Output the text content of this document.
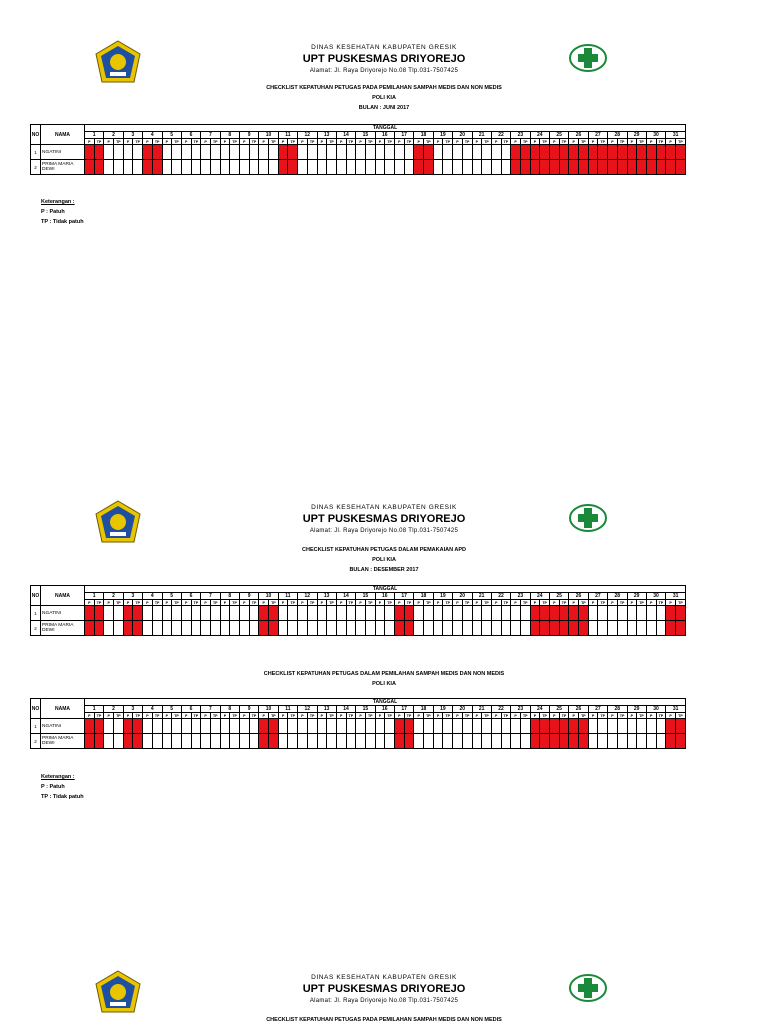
DINAS KESEHATAN KABUPATEN GRESIK
UPT PUSKESMAS DRIYOREJO
Alamat: Jl. Raya Driyorejo No.08 Tlp.031-7507425
CHECKLIST KEPATUHAN PETUGAS PADA PEMILAHAN SAMPAH MEDIS DAN NON MEDIS
POLI KIA
BULAN : JUNI 2017
NO	NAMA	TANGGAL																																																													
		1		2		3		4		5		6		7		8		9		10		11		12		13		14		15		16		17		18		19		20		21		22		23		24		25		26		27		28		29		30		31	
		P	TP	P	TP	P	TP	P	TP	P	TP	P	TP	P	TP	P	TP	P	TP	P	TP	P	TP	P	TP	P	TP	P	TP	P	TP	P	TP	P	TP	P	TP	P	TP	P	TP	P	TP	P	TP	P	TP	P	TP	P	TP	P	TP	P	TP	P	TP	P	TP	P	TP	P	TP
1	NGATINI																																																														
2	PRIMA MARIA DEWI																																																														
Keterangan :
P : Patuh
TP : Tidak patuh
DINAS KESEHATAN KABUPATEN GRESIK
UPT PUSKESMAS DRIYOREJO
Alamat: Jl. Raya Driyorejo No.08 Tlp.031-7507425
CHECKLIST KEPATUHAN PETUGAS DALAM PEMAKAIAN APD
POLI KIA
BULAN : DESEMBER 2017
NO	NAMA	TANGGAL																																																													
		1		2		3		4		5		6		7		8		9		10		11		12		13		14		15		16		17		18		19		20		21		22		23		24		25		26		27		28		29		30		31	
		P	TP	P	TP	P	TP	P	TP	P	TP	P	TP	P	TP	P	TP	P	TP	P	TP	P	TP	P	TP	P	TP	P	TP	P	TP	P	TP	P	TP	P	TP	P	TP	P	TP	P	TP	P	TP	P	TP	P	TP	P	TP	P	TP	P	TP	P	TP	P	TP	P	TP	P	TP
1	NGATINI																																																														
2	PRIMA MARIA DEWI																																																														
CHECKLIST KEPATUHAN PETUGAS DALAM PEMILAHAN SAMPAH MEDIS DAN NON MEDIS
POLI KIA
NO	NAMA	TANGGAL																																																													
		1		2		3		4		5		6		7		8		9		10		11		12		13		14		15		16		17		18		19		20		21		22		23		24		25		26		27		28		29		30		31	
		P	TP	P	TP	P	TP	P	TP	P	TP	P	TP	P	TP	P	TP	P	TP	P	TP	P	TP	P	TP	P	TP	P	TP	P	TP	P	TP	P	TP	P	TP	P	TP	P	TP	P	TP	P	TP	P	TP	P	TP	P	TP	P	TP	P	TP	P	TP	P	TP	P	TP	P	TP
1	NGATINI																																																														
2	PRIMA MARIA DEWI																																																														
Keterangan :
P : Patuh
TP : Tidak patuh
DINAS KESEHATAN KABUPATEN GRESIK
UPT PUSKESMAS DRIYOREJO
Alamat: Jl. Raya Driyorejo No.08 Tlp.031-7507425
CHECKLIST KEPATUHAN PETUGAS PADA PEMILAHAN SAMPAH MEDIS DAN NON MEDIS
